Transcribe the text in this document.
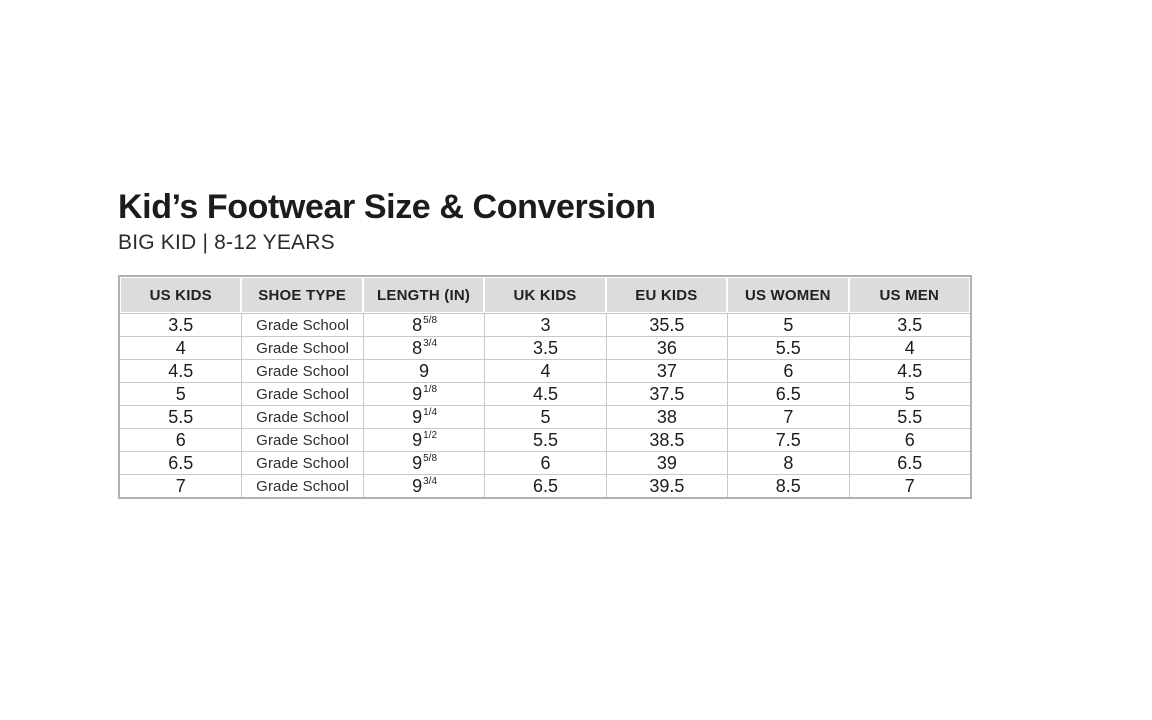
Kid’s Footwear Size & Conversion
BIG KID | 8-12 YEARS
US KIDS	SHOE TYPE	LENGTH (IN)	UK KIDS	EU KIDS	US WOMEN	US MEN
3.5	Grade School	$8^{5/8}$	3	35.5	5	3.5
4	Grade School	$8^{3/4}$	3.5	36	5.5	4
4.5	Grade School	9	4	37	6	4.5
5	Grade School	$9^{1/8}$	4.5	37.5	6.5	5
5.5	Grade School	$9^{1/4}$	5	38	7	5.5
6	Grade School	$9^{1/2}$	5.5	38.5	7.5	6
6.5	Grade School	$9^{5/8}$	6	39	8	6.5
7	Grade School	$9^{3/4}$	6.5	39.5	8.5	7
